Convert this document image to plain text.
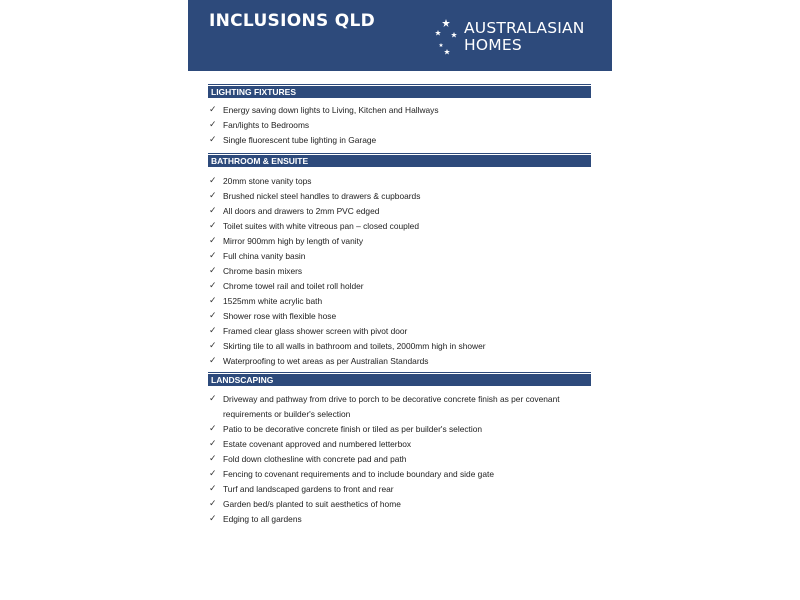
INCLUSIONS QLD	AUSTRALASIAN
HOMES
LIGHTING FIXTURES
✓ Energy saving down lights to Living, Kitchen and Hallways
✓ Fan/lights to Bedrooms
✓ Single fluorescent tube lighting in Garage
BATHROOM & ENSUITE
✓ 20mm stone vanity tops
✓ Brushed nickel steel handles to drawers & cupboards
✓ All doors and drawers to 2mm PVC edged
✓ Toilet suites with white vitreous pan – closed coupled
✓ Mirror 900mm high by length of vanity
✓ Full china vanity basin
✓ Chrome basin mixers
✓ Chrome towel rail and toilet roll holder
✓ 1525mm white acrylic bath
✓ Shower rose with flexible hose
✓ Framed clear glass shower screen with pivot door
✓ Skirting tile to all walls in bathroom and toilets, 2000mm high in shower
✓ Waterproofing to wet areas as per Australian Standards
LANDSCAPING
✓ Driveway and pathway from drive to porch to be decorative concrete finish as per covenant
requirements or builder's selection
✓ Patio to be decorative concrete finish or tiled as per builder's selection
✓ Estate covenant approved and numbered letterbox
✓ Fold down clothesline with concrete pad and path
✓ Fencing to covenant requirements and to include boundary and side gate
✓ Turf and landscaped gardens to front and rear
✓ Garden bed/s planted to suit aesthetics of home
✓ Edging to all gardens
